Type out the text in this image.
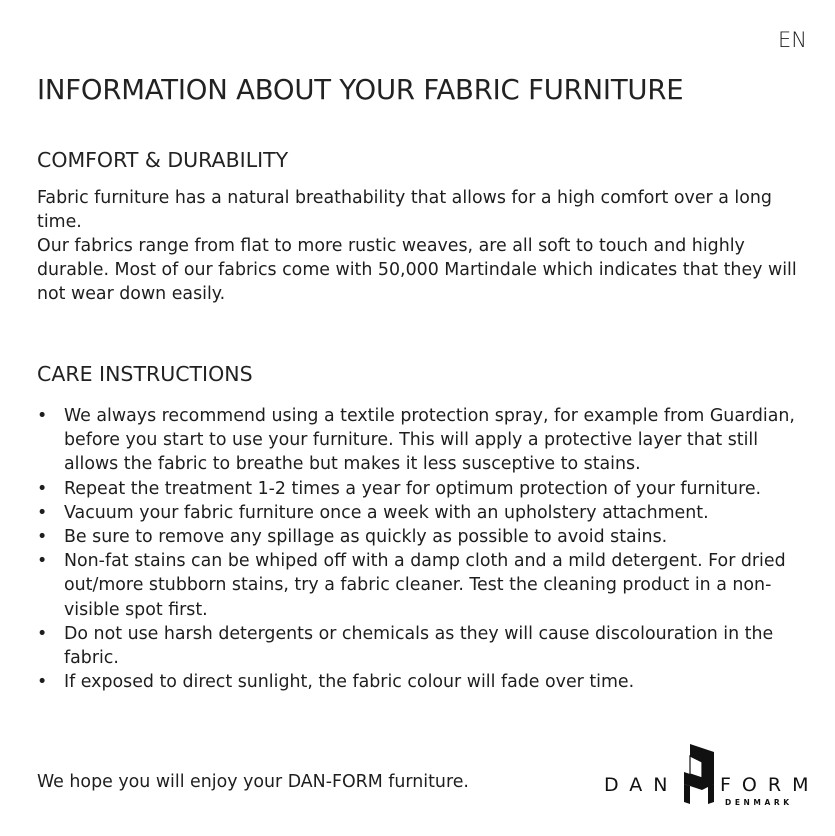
EN
INFORMATION ABOUT YOUR FABRIC FURNITURE
COMFORT & DURABILITY

Fabric furniture has a natural breathability that allows for a high comfort over a long time.

Our fabrics range from flat to more rustic weaves, are all soft to touch and highly durable. Most of our fabrics come with 50,000 Martindale which indicates that they will not wear down easily.

CARE INSTRUCTIONS
• We always recommend using a textile protection spray, for example from Guardian, before you start to use your furniture. This will apply a protective layer that still allows the fabric to breathe but makes it less susceptive to stains.
• Repeat the treatment 1-2 times a year for optimum protection of your furniture.
• Vacuum your fabric furniture once a week with an upholstery attachment.
• Be sure to remove any spillage as quickly as possible to avoid stains.
• Non-fat stains can be whiped off with a damp cloth and a mild detergent. For dried out/more stubborn stains, try a fabric cleaner. Test the cleaning product in a non-visible spot first.
• Do not use harsh detergents or chemicals as they will cause discolouration in the fabric.
• If exposed to direct sunlight, the fabric colour will fade over time.

We hope you will enjoy your DAN-FORM furniture.	DAN FORM
DENMARK
